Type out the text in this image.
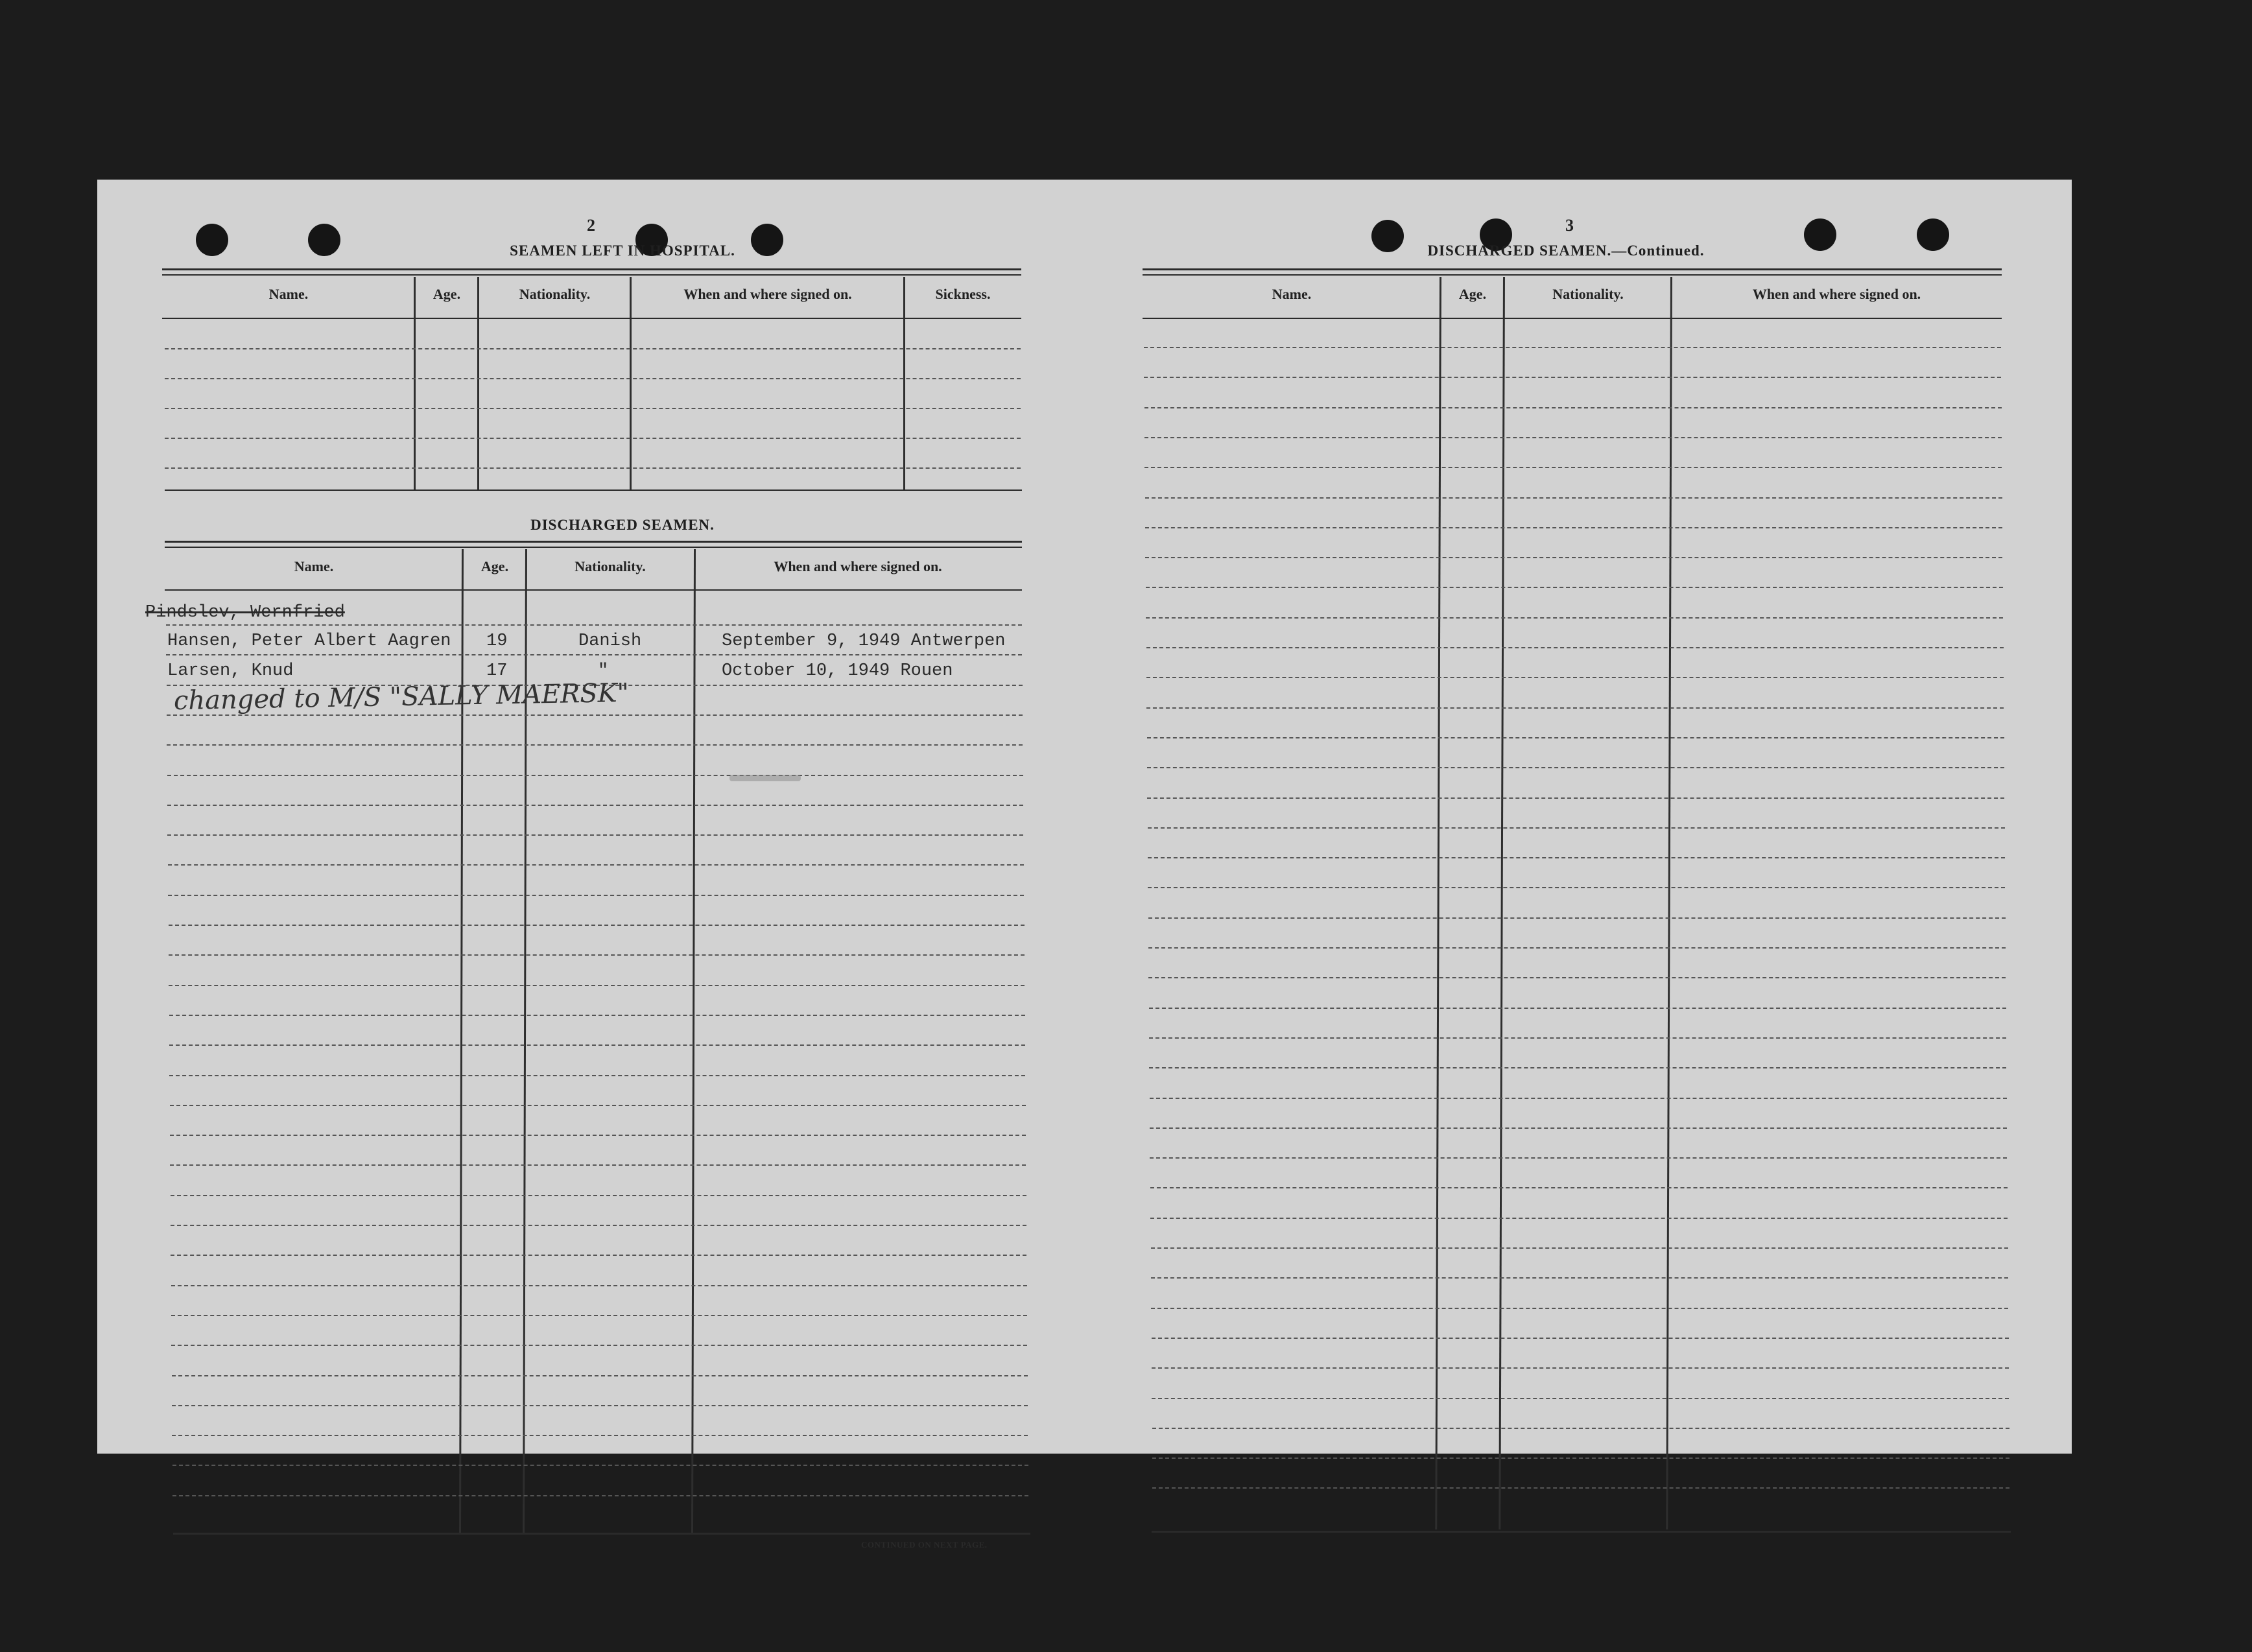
2
SEAMEN LEFT IN HOSPITAL.
Name.	Age.	Nationality.	When and where signed on.	Sickness.
DISCHARGED SEAMEN.
Name.	Age.	Nationality.	When and where signed on.
Pindslev, Wernfried
Hansen, Peter Albert Aagren 19	Danish	September 9, 1949 Antwerpen
Larsen, Knud	17	"	October 10, 1949 Rouen
changed to M/S "SALLY MAERSK"
CONTINUED ON NEXT PAGE.
3
DISCHARGED SEAMEN.—Continued.
Name.	Age.	Nationality.	When and where signed on.
